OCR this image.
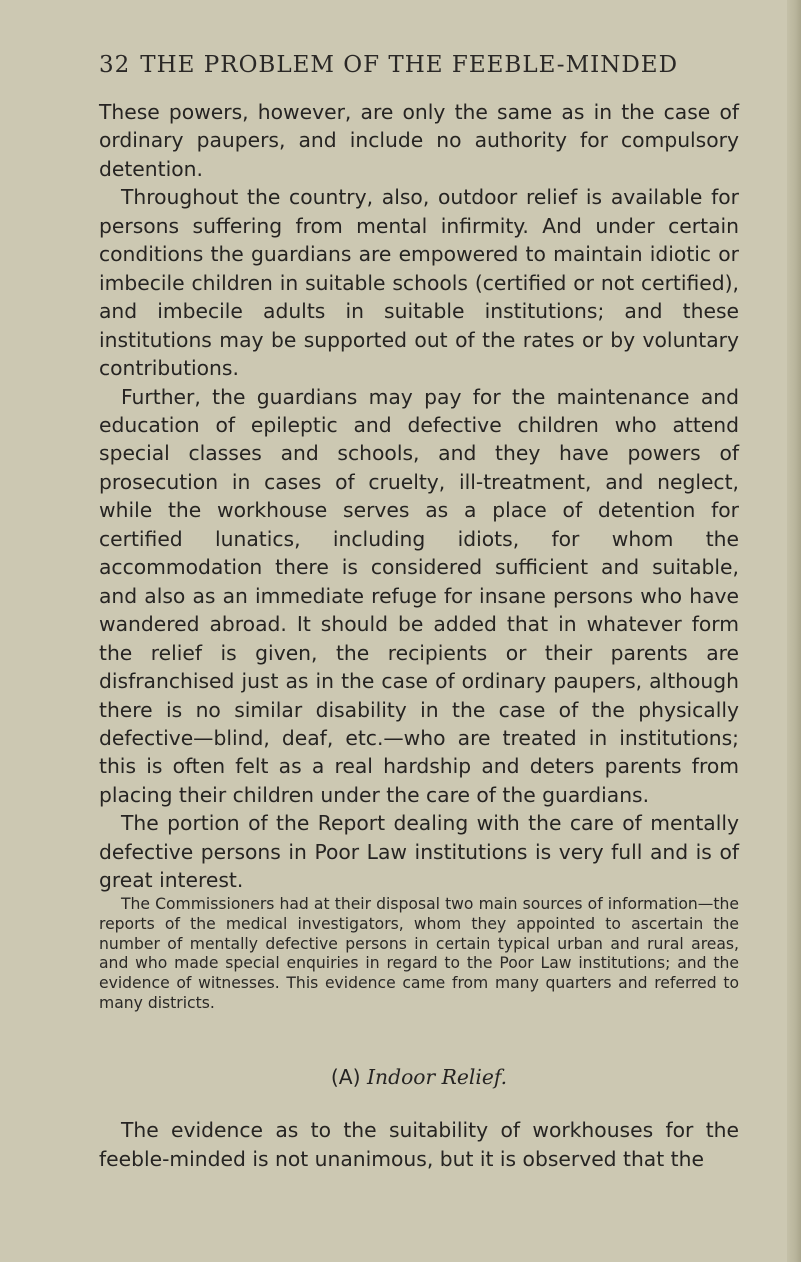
32 THE PROBLEM OF THE FEEBLE-MINDED

These powers, however, are only the same as in the case of ordinary paupers, and include no authority for compulsory detention.

Throughout the country, also, outdoor relief is available for persons suffering from mental infirmity. And under certain conditions the guardians are empowered to maintain idiotic or imbecile children in suitable schools (certified or not certified), and imbecile adults in suitable institutions; and these institutions may be supported out of the rates or by voluntary contributions.

Further, the guardians may pay for the maintenance and education of epileptic and defective children who attend special classes and schools, and they have powers of prosecution in cases of cruelty, ill-treatment, and neglect, while the workhouse serves as a place of detention for certified lunatics, including idiots, for whom the accommodation there is considered sufficient and suitable, and also as an immediate refuge for insane persons who have wandered abroad. It should be added that in whatever form the relief is given, the recipients or their parents are disfranchised just as in the case of ordinary paupers, although there is no similar disability in the case of the physically defective—blind, deaf, etc.—who are treated in institutions; this is often felt as a real hardship and deters parents from placing their children under the care of the guardians.

The portion of the Report dealing with the care of mentally defective persons in Poor Law institutions is very full and is of great interest.

The Commissioners had at their disposal two main sources of information—the reports of the medical investigators, whom they appointed to ascertain the number of mentally defective persons in certain typical urban and rural areas, and who made special enquiries in regard to the Poor Law institutions; and the evidence of witnesses. This evidence came from many quarters and referred to many districts.
(A) Indoor Relief.
The evidence as to the suitability of workhouses for the feeble-minded is not unanimous, but it is observed that the
